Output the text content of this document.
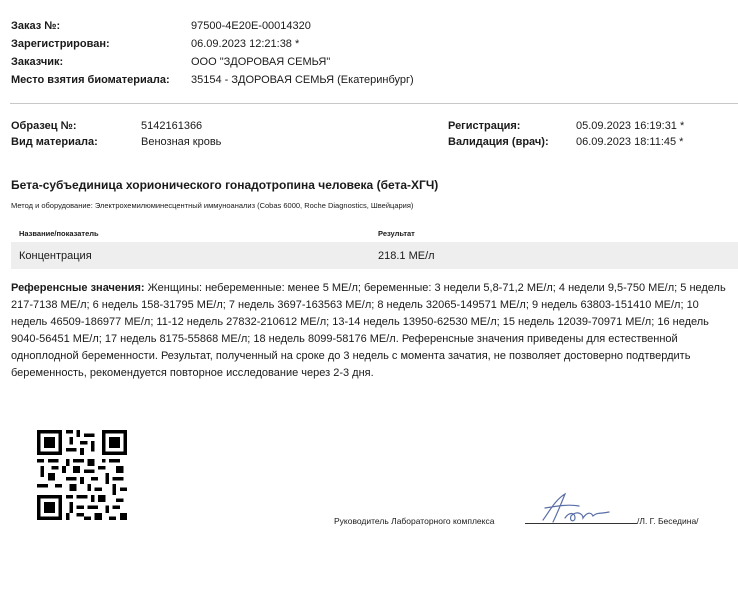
Заказ №:	97500-4E20E-00014320
Зарегистрирован:	06.09.2023 12:21:38 *
Заказчик:	ООО "ЗДОРОВАЯ СЕМЬЯ"
Место взятия биоматериала: 35154 - ЗДОРОВАЯ СЕМЬЯ (Екатеринбург)
Образец №:	5142161366
Вид материала:	Венозная кровь
Регистрация:	05.09.2023 16:19:31 *
Валидация (врач): 06.09.2023 18:11:45 *
Бета-субъединица хорионического гонадотропина человека (бета-ХГЧ)
Метод и оборудование: Электрохемилюминесцентный иммуноанализ (Cobas 6000, Roche Diagnostics, Швейцария)
Название/показатель	Результат
Концентрация	218.1 МЕ/л
Референсные значения: Женщины: небеременные: менее 5 МЕ/л; беременные: 3 недели 5,8-71,2 МЕ/л; 4 недели 9,5-750 МЕ/л; 5 недель 217-7138 МЕ/л; 6 недель 158-31795 МЕ/л; 7 недель 3697-163563 МЕ/л; 8 недель 32065-149571 МЕ/л; 9 недель 63803-151410 МЕ/л; 10 недель 46509-186977 МЕ/л; 11-12 недель 27832-210612 МЕ/л; 13-14 недель 13950-62530 МЕ/л; 15 недель 12039-70971 МЕ/л; 16 недель 9040-56451 МЕ/л; 17 недель 8175-55868 МЕ/л; 18 недель 8099-58176 МЕ/л. Референсные значения приведены для естественной одноплодной беременности. Результат, полученный на сроке до 3 недель с момента зачатия, не позволяет достоверно подтвердить беременность, рекомендуется повторное исследование через 2-3 дня.
Руководитель Лабораторного комплекса	/Л. Г. Беседина/
